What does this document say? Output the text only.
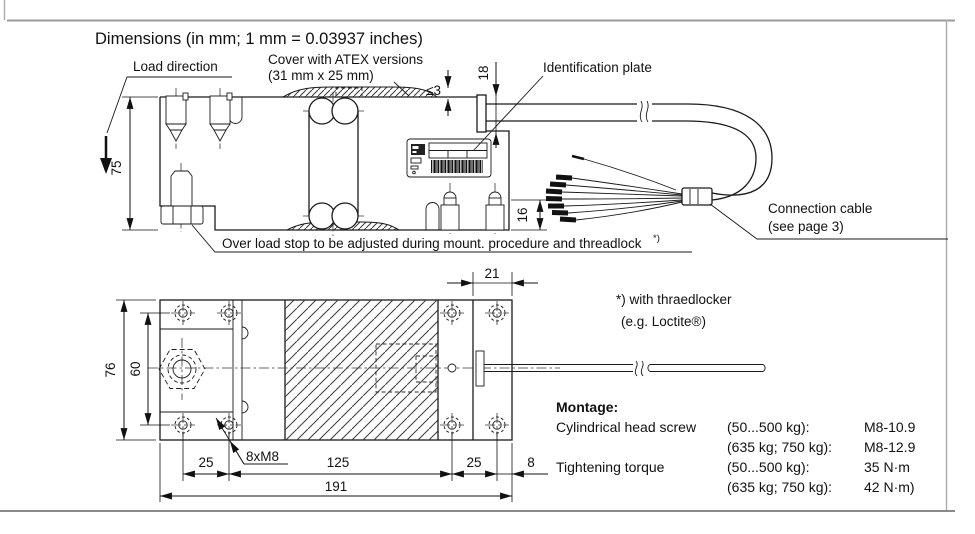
Dimensions (in mm; 1 mm = 0.03937 inches)
75
≤3
18
16
Load direction	Cover with ATEX versions
(31 mm x 25 mm)
Identification plate
Connection cable
(see page 3)
Over load stop to be adjusted during mount. procedure and threadlock *)
21
76 60
25	125	25	8
191
8xM8
*) with thraedlocker
(e.g. Loctite®)
Montage:
Cylindrical head screw (50...500 kg):	M8-10.9
(635 kg; 750 kg): M8-12.9
Tightening torque	(50...500 kg):	35 N·m
(635 kg; 750 kg): 42 N·m)
